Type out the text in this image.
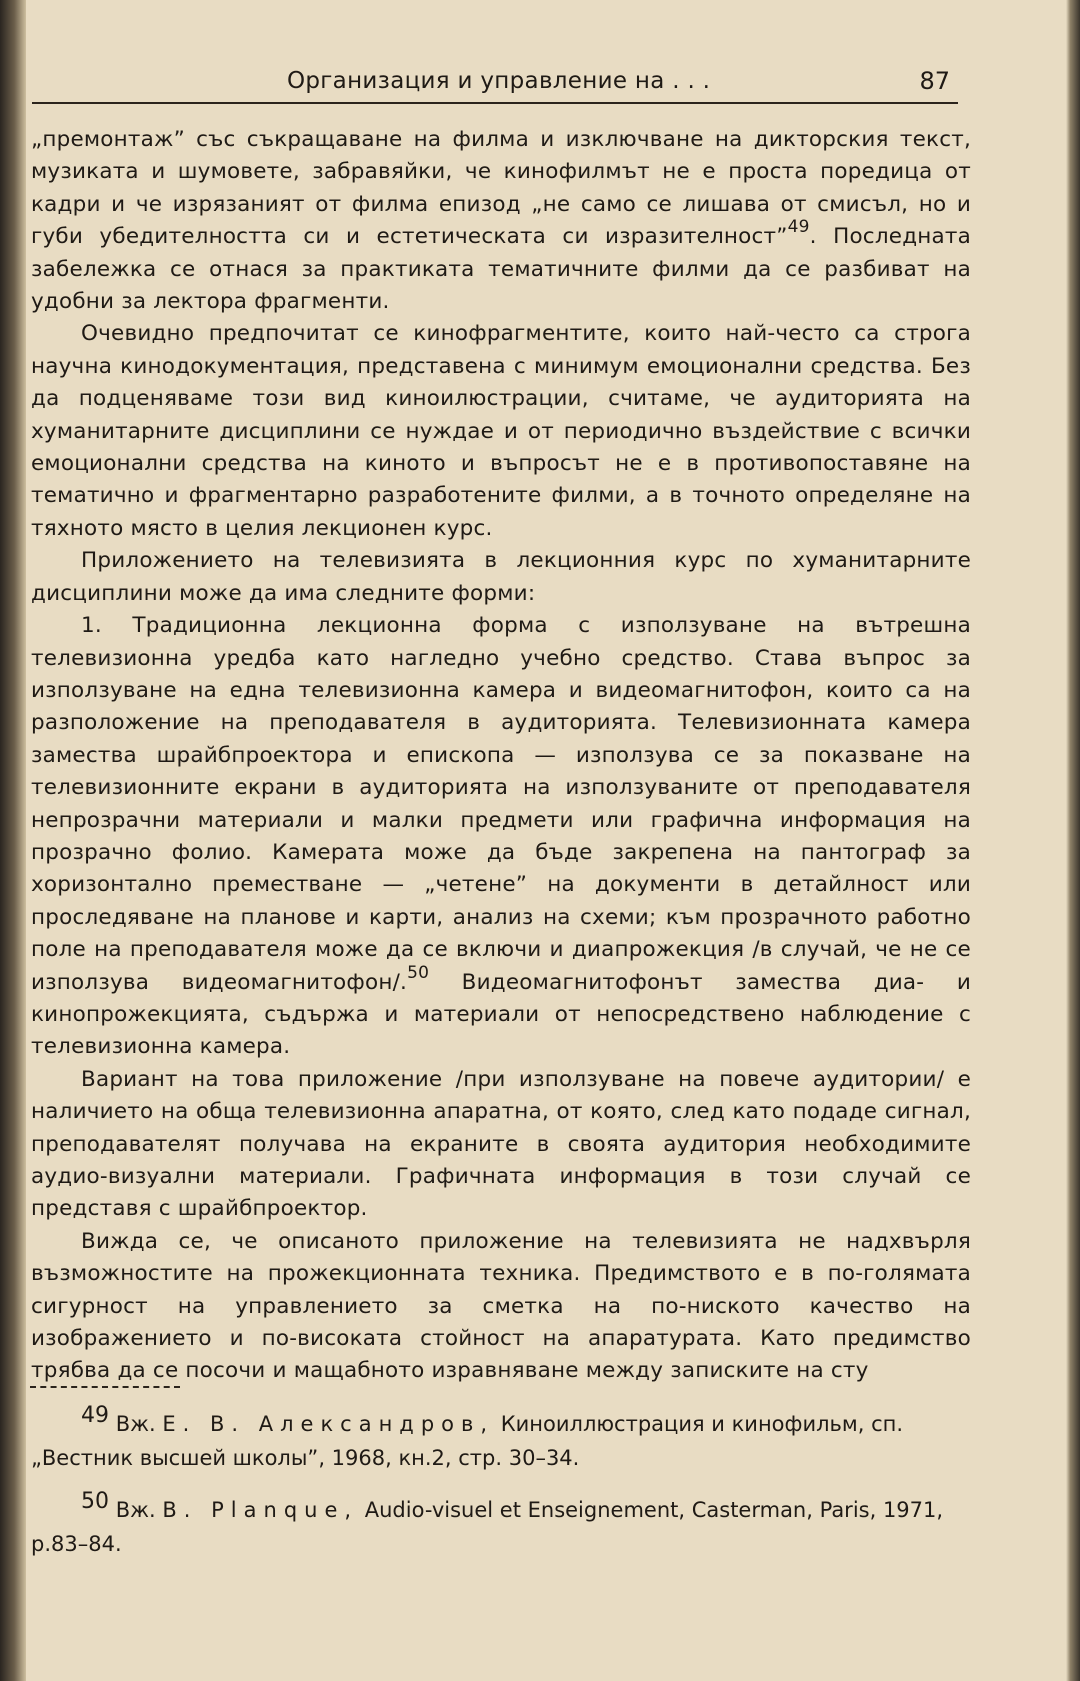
Организация и управление на . . .	87

„премонтаж” със съкращаване на филма и изключване на дикторския текст, музиката и шумовете, забравяйки, че кинофилмът не е проста поредица от кадри и че изрязаният от филма епизод „не само се лишава от смисъл, но и губи убедителността си и естетическата си изразителност”$^{49}$. Последната забележка се отнася за практиката тематичните филми да се разбиват на удобни за лектора фрагменти.

Очевидно предпочитат се кинофрагментите, които най-често са строга научна кинодокументация, представена с минимум емоционални средства. Без да подценяваме този вид киноилюстрации, считаме, че аудиторията на хуманитарните дисциплини се нуждае и от периодично въздействие с всички емоционални средства на киното и въпросът не е в противопоставяне на тематично и фрагментарно разработените филми, а в точното определяне на тяхното място в целия лекционен курс.

Приложението на телевизията в лекционния курс по хуманитарните дисциплини може да има следните форми:

1. Традиционна лекционна форма с използуване на вътрешна телевизионна уредба като нагледно учебно средство. Става въпрос за използуване на една телевизионна камера и видеомагнитофон, които са на разположение на преподавателя в аудиторията. Телевизионната камера замества шрайбпроектора и епископа — използува се за показване на телевизионните екрани в аудиторията на използуваните от преподавателя непрозрачни материали и малки предмети или графична информация на прозрачно фолио. Камерата може да бъде закрепена на пантограф за хоризонтално преместване — „четене” на документи в детайлност или проследяване на планове и карти, анализ на схеми; към прозрачното работно поле на преподавателя може да се включи и диапрожекция /в случай, че не се използува видеомагнитофон/.$^{50}$ Видеомагнитофонът замества диа- и кинопрожекцията, съдържа и материали от непосредствено наблюдение с телевизионна камера.

Вариант на това приложение /при използуване на повече аудитории/ е наличието на обща телевизионна апаратна, от която, след като подаде сигнал, преподавателят получава на екраните в своята аудитория необходимите аудио-визуални материали. Графичната информация в този случай се представя с шрайбпроектор.

Вижда се, че описаното приложение на телевизията не надхвърля възможностите на прожекционната техника. Предимството е в по-голямата сигурност на управлението за сметка на по-ниското качество на изображението и по-високата стойност на апаратурата. Като предимство трябва да се посочи и мащабното изравняване между записките на сту

$^{49}$ Вж. Е. В. Александров, Киноиллюстрация и кинофильм, сп. „Вестник высшей школы”, 1968, кн.2, стр. 30–34.

$^{50}$ Вж. В. Planque, Audio-visuel et Enseignement, Casterman, Paris, 1971, p.83–84.
